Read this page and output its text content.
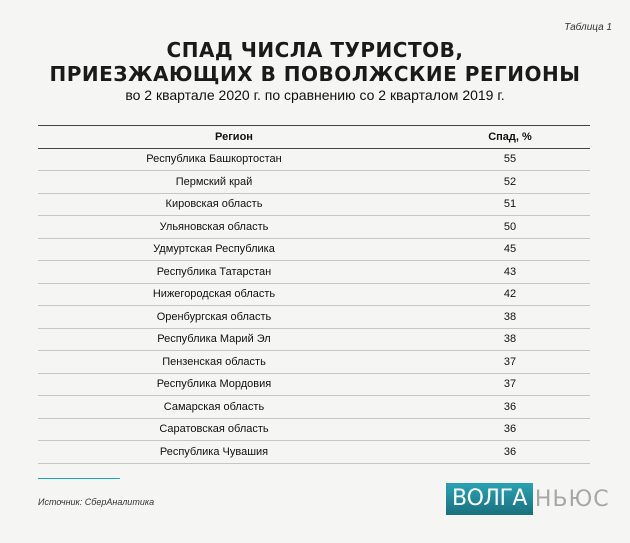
Таблица 1
СПАД ЧИСЛА ТУРИСТОВ,
ПРИЕЗЖАЮЩИХ В ПОВОЛЖСКИЕ РЕГИОНЫ
во 2 квартале 2020 г. по сравнению со 2 кварталом 2019 г.
Регион	Спад, %
Республика Башкортостан	55
Пермский край	52
Кировская область	51
Ульяновская область	50
Удмуртская Республика	45
Республика Татарстан	43
Нижегородская область	42
Оренбургская область	38
Республика Марий Эл	38
Пензенская область	37
Республика Мордовия	37
Самарская область	36
Саратовская область	36
Республика Чувашия	36
Источник: СберАналитика	ВОЛГА НЬЮС
